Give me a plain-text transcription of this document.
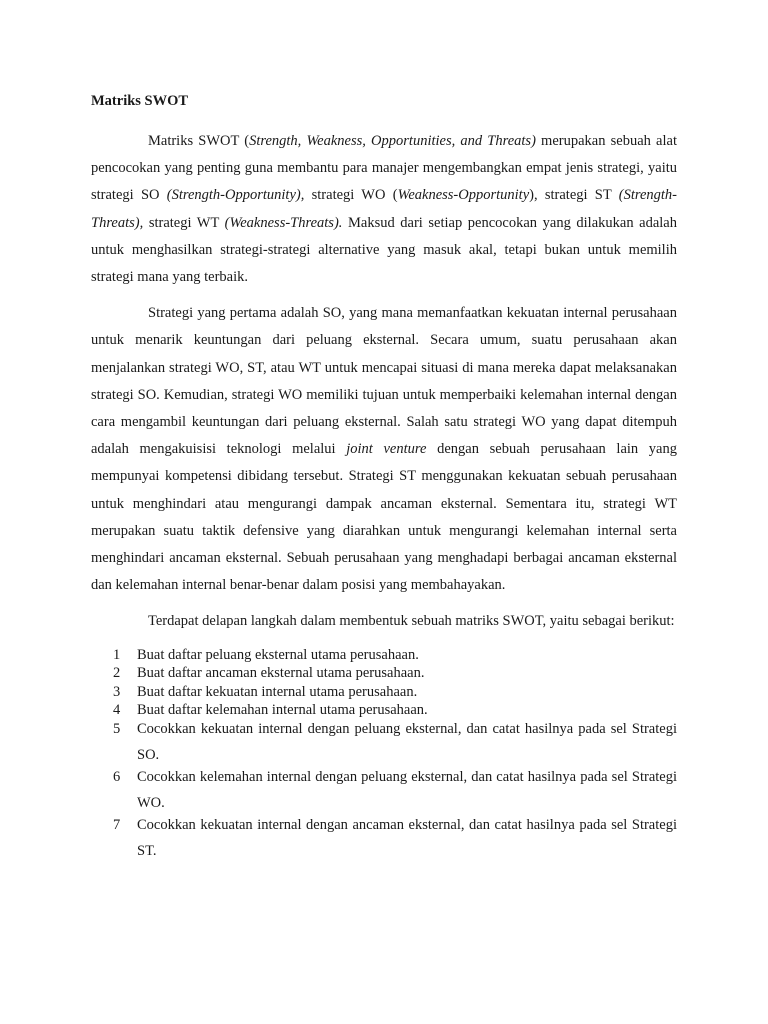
Matriks SWOT

Matriks SWOT (Strength, Weakness, Opportunities, and Threats) merupakan sebuah alat pencocokan yang penting guna membantu para manajer mengembangkan empat jenis strategi, yaitu strategi SO (Strength-Opportunity), strategi WO (Weakness-Opportunity), strategi ST (Strength-Threats), strategi WT (Weakness-Threats). Maksud dari setiap pencocokan yang dilakukan adalah untuk menghasilkan strategi-strategi alternative yang masuk akal, tetapi bukan untuk memilih strategi mana yang terbaik.

Strategi yang pertama adalah SO, yang mana memanfaatkan kekuatan internal perusahaan untuk menarik keuntungan dari peluang eksternal. Secara umum, suatu perusahaan akan menjalankan strategi WO, ST, atau WT untuk mencapai situasi di mana mereka dapat melaksanakan strategi SO. Kemudian, strategi WO memiliki tujuan untuk memperbaiki kelemahan internal dengan cara mengambil keuntungan dari peluang eksternal. Salah satu strategi WO yang dapat ditempuh adalah mengakuisisi teknologi melalui joint venture dengan sebuah perusahaan lain yang mempunyai kompetensi dibidang tersebut. Strategi ST menggunakan kekuatan sebuah perusahaan untuk menghindari atau mengurangi dampak ancaman eksternal. Sementara itu, strategi WT merupakan suatu taktik defensive yang diarahkan untuk mengurangi kelemahan internal serta menghindari ancaman eksternal. Sebuah perusahaan yang menghadapi berbagai ancaman eksternal dan kelemahan internal benar-benar dalam posisi yang membahayakan.

Terdapat delapan langkah dalam membentuk sebuah matriks SWOT, yaitu sebagai berikut:

1 Buat daftar peluang eksternal utama perusahaan.
2 Buat daftar ancaman eksternal utama perusahaan.
3 Buat daftar kekuatan internal utama perusahaan.
4 Buat daftar kelemahan internal utama perusahaan.
5 Cocokkan kekuatan internal dengan peluang eksternal, dan catat hasilnya pada sel Strategi SO.
6 Cocokkan kelemahan internal dengan peluang eksternal, dan catat hasilnya pada sel Strategi WO.
7 Cocokkan kekuatan internal dengan ancaman eksternal, dan catat hasilnya pada sel Strategi ST.
